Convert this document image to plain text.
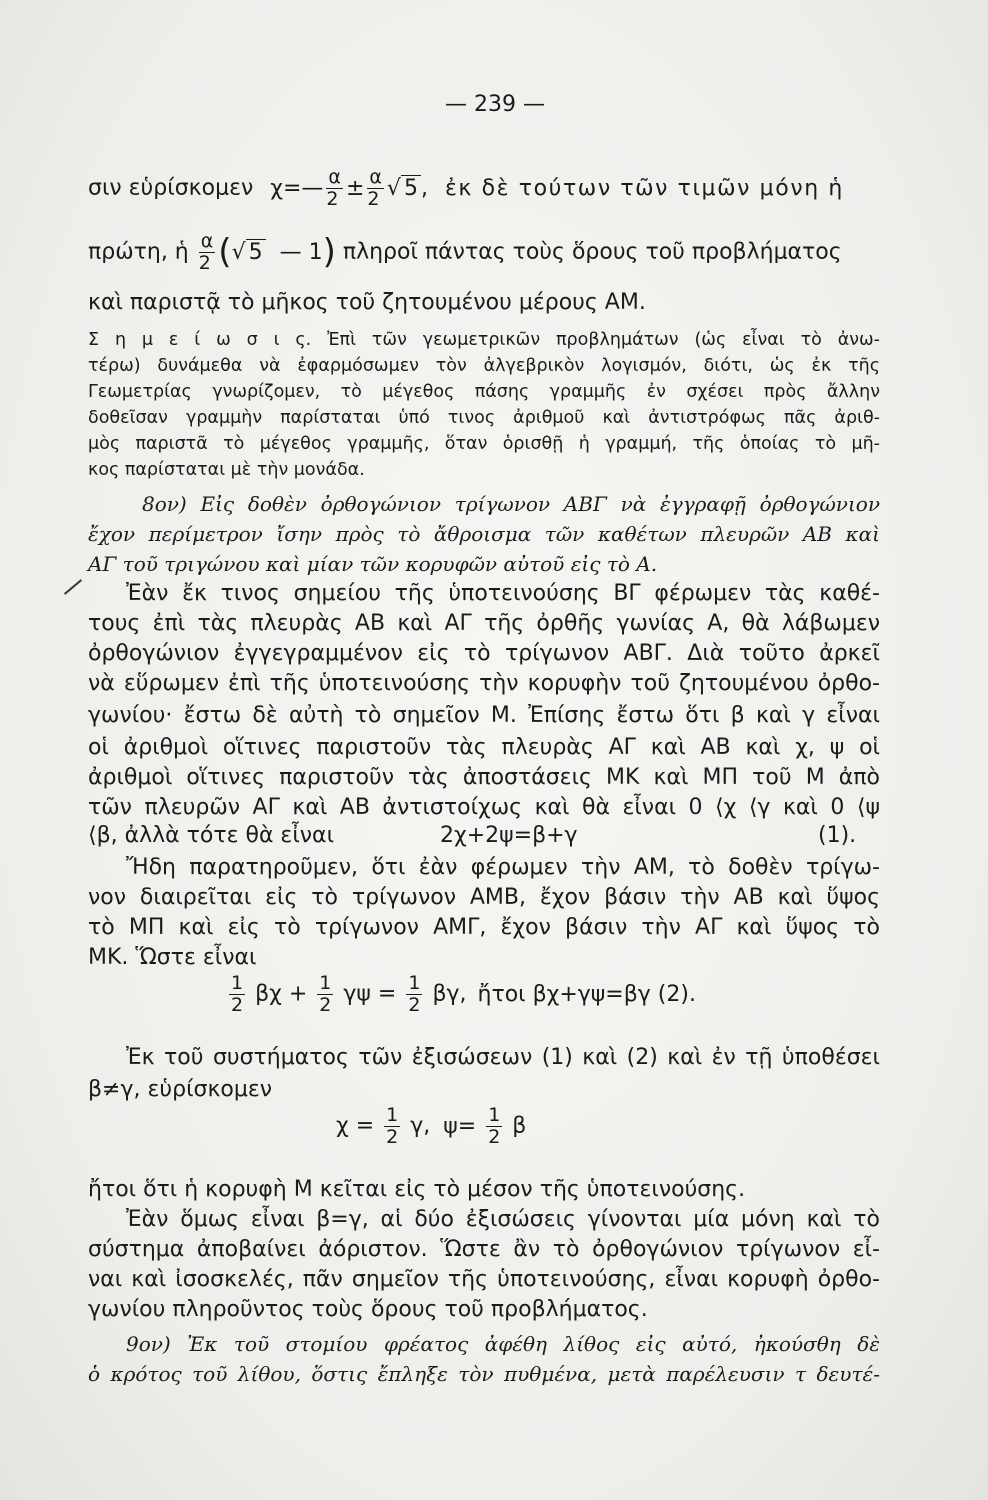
— 239 —
σιν εὑρίσκομεν χ=— $\frac{\alpha}{2} \pm \frac{\alpha}{2}$ √ 5 , ἐκ δὲ τούτων τῶν τιμῶν μόνη ἡ
πρώτη, ἡ $\frac{\alpha}{2}$ (√ 5  — 1) πληροῖ πάντας τοὺς ὅρους τοῦ προβλήματος
καὶ παριστᾷ τὸ μῆκος τοῦ ζητουμένου μέρους ΑΜ.
Σ η μ ε ί ω σ ι ς. Ἐπὶ τῶν γεωμετρικῶν προβλημάτων (ὡς εἶναι τὸ ἀνω-
τέρω) δυνάμεθα νὰ ἐφαρμόσωμεν τὸν ἀλγεβρικὸν λογισμόν, διότι, ὡς ἐκ τῆς
Γεωμετρίας γνωρίζομεν, τὸ μέγεθος πάσης γραμμῆς ἐν σχέσει πρὸς ἄλλην
δοθεῖσαν γραμμὴν παρίσταται ὑπό τινος ἀριθμοῦ καὶ ἀντιστρόφως πᾶς ἀριθ-
μὸς παριστᾶ τὸ μέγεθος γραμμῆς, ὅταν ὁρισθῇ ἡ γραμμή, τῆς ὁποίας τὸ μῆ-
κος παρίσταται μὲ τὴν μονάδα.
8ον) Εἰς δοθὲν ὀρθογώνιον τρίγωνον ΑΒΓ νὰ ἐγγραφῇ ὀρθογώνιον
ἔχον περίμετρον ἴσην πρὸς τὸ ἄθροισμα τῶν καθέτων πλευρῶν ΑΒ καὶ
ΑΓ τοῦ τριγώνου καὶ μίαν τῶν κορυφῶν αὐτοῦ εἰς τὸ Α.
Ἐὰν ἔκ τινος σημείου τῆς ὑποτεινούσης ΒΓ φέρωμεν τὰς καθέ-
τους ἐπὶ τὰς πλευρὰς ΑΒ καὶ ΑΓ τῆς ὀρθῆς γωνίας Α, θὰ λάβωμεν
ὀρθογώνιον ἐγγεγραμμένον εἰς τὸ τρίγωνον ΑΒΓ. Διὰ τοῦτο ἀρκεῖ
νὰ εὕρωμεν ἐπὶ τῆς ὑποτεινούσης τὴν κορυφὴν τοῦ ζητουμένου ὀρθο-
γωνίου· ἔστω δὲ αὐτὴ τὸ σημεῖον Μ. Ἐπίσης ἔστω ὅτι β καὶ γ εἶναι
οἱ ἀριθμοὶ οἵτινες παριστοῦν τὰς πλευρὰς ΑΓ καὶ ΑΒ καὶ χ, ψ οἱ
ἀριθμοὶ οἵτινες παριστοῦν τὰς ἀποστάσεις ΜΚ καὶ ΜΠ τοῦ Μ ἀπὸ
τῶν πλευρῶν ΑΓ καὶ ΑΒ ἀντιστοίχως καὶ θὰ εἶναι 0 ⟨χ ⟨γ καὶ 0 ⟨ψ
⟨β, ἀλλὰ τότε θὰ εἶναι	2χ+2ψ=β+γ	(1).
Ἤδη παρατηροῦμεν, ὅτι ἐὰν φέρωμεν τὴν ΑΜ, τὸ δοθὲν τρίγω-
νον διαιρεῖται εἰς τὸ τρίγωνον ΑΜΒ, ἔχον βάσιν τὴν ΑΒ καὶ ὕψος
τὸ ΜΠ καὶ εἰς τὸ τρίγωνον ΑΜΓ, ἔχον βάσιν τὴν ΑΓ καὶ ὕψος τὸ
ΜΚ. Ὥστε εἶναι
$\frac{1}{2}$ $\beta\chi + \frac{1}{2}$ $\gamma\psi = \frac{1}{2} \beta\gamma$, ἤτοι βχ+γψ=βγ (2).
Ἐκ τοῦ συστήματος τῶν ἐξισώσεων (1) καὶ (2) καὶ ἐν τῇ ὑποθέσει
β≠γ, εὑρίσκομεν
$\chi = \frac{1}{2} \gamma$, $\psi= \frac{1}{2}$ β
ἤτοι ὅτι ἡ κορυφὴ Μ κεῖται εἰς τὸ μέσον τῆς ὑποτεινούσης.
Ἐὰν ὅμως εἶναι β=γ, αἱ δύο ἐξισώσεις γίνονται μία μόνη καὶ τὸ
σύστημα ἀποβαίνει ἀόριστον. Ὥστε ἂν τὸ ὀρθογώνιον τρίγωνον εἶ-
ναι καὶ ἰσοσκελές, πᾶν σημεῖον τῆς ὑποτεινούσης, εἶναι κορυφὴ ὀρθο-
γωνίου πληροῦντος τοὺς ὅρους τοῦ προβλήματος.
9ον) Ἐκ τοῦ στομίου φρέατος ἀφέθη λίθος εἰς αὐτό, ἠκούσθη δὲ
ὁ κρότος τοῦ λίθου, ὅστις ἔπληξε τὸν πυθμένα, μετὰ παρέλευσιν τ δευτέ-
